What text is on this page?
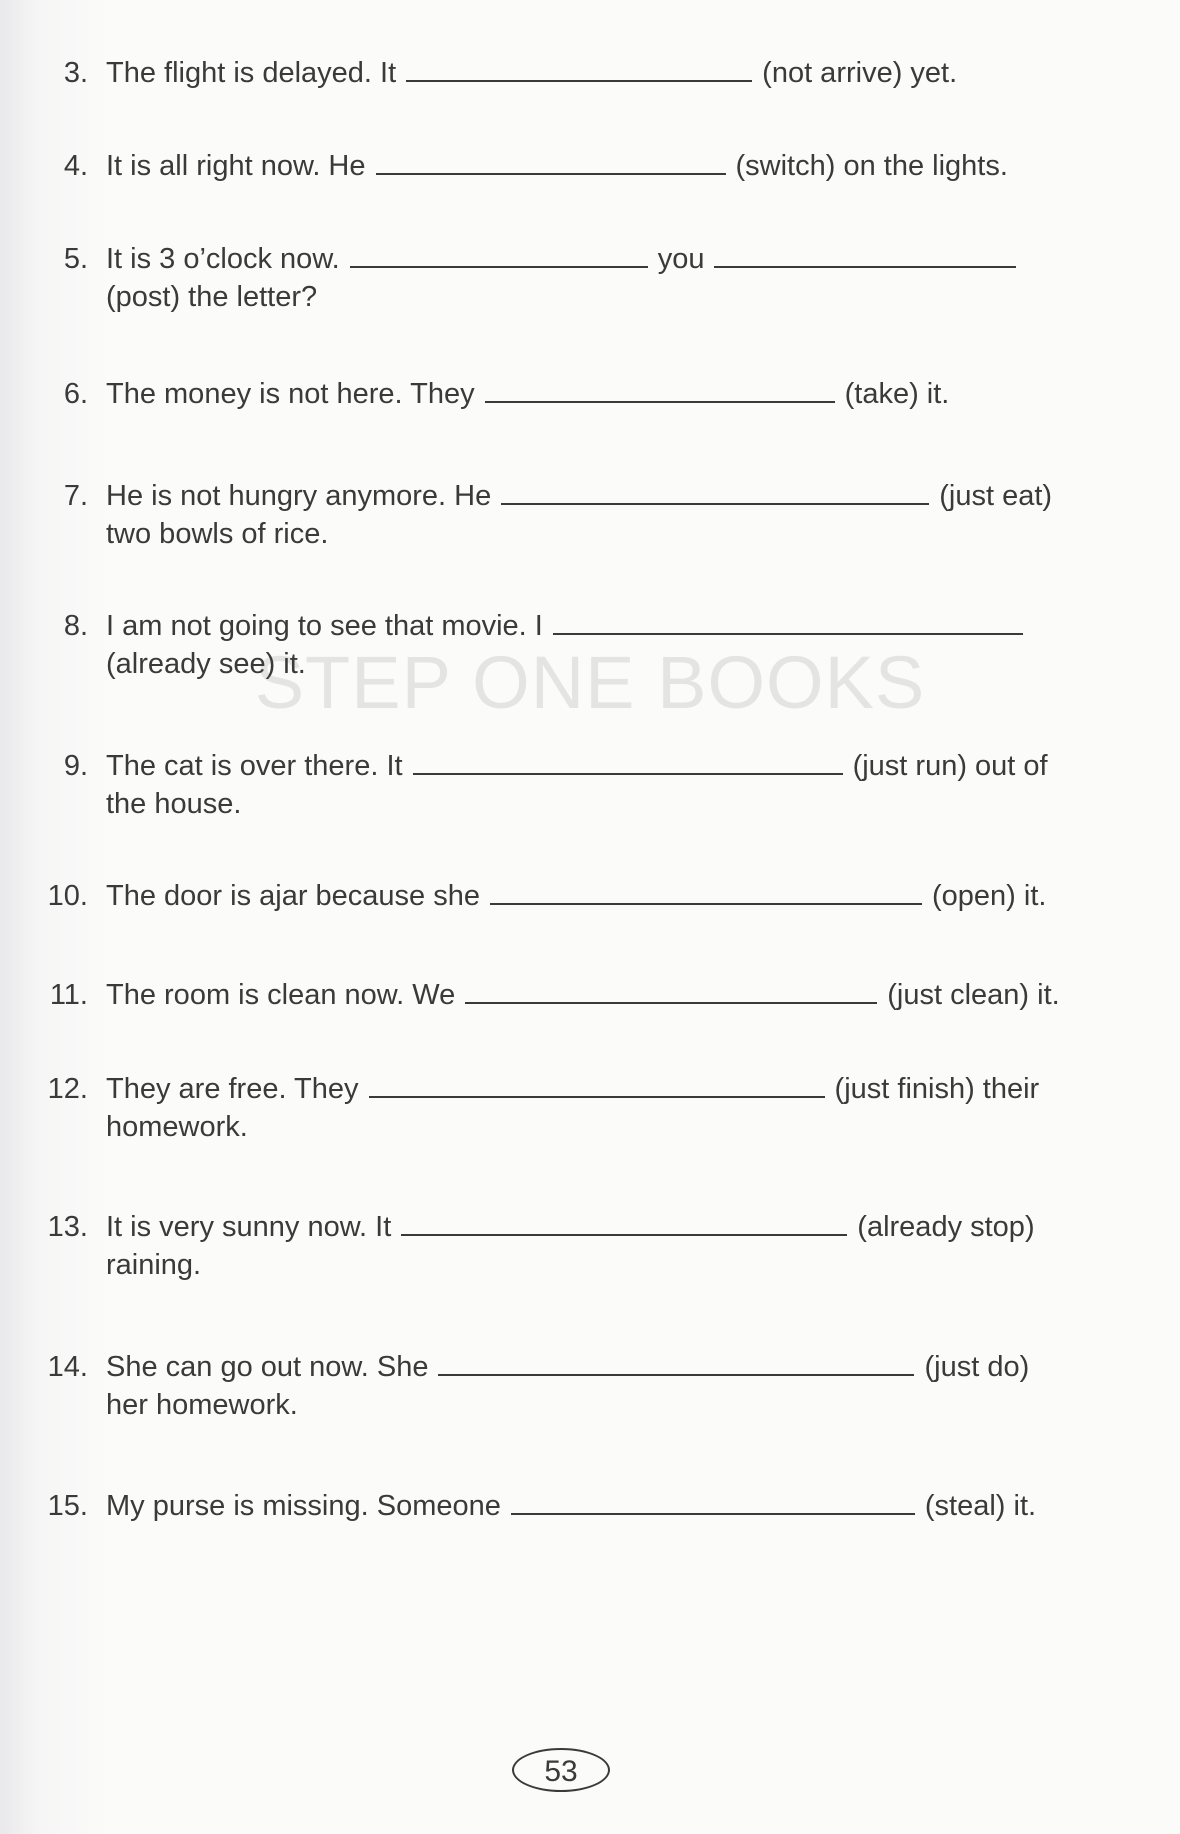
STEP ONE BOOKS
3. The flight is delayed. It	(not arrive) yet.
4. It is all right now. He	(switch) on the lights.
5. It is 3 o’clock now.	you
(post) the letter?
6. The money is not here. They	(take) it.
7. He is not hungry anymore. He	(just eat)
two bowls of rice.
8. I am not going to see that movie. I
(already see) it.
9. The cat is over there. It	(just run) out of
the house.
10. The door is ajar because she	(open) it.
11. The room is clean now. We	(just clean) it.
12. They are free. They	(just finish) their
homework.
13. It is very sunny now. It	(already stop)
raining.
14. She can go out now. She	(just do)
her homework.
15. My purse is missing. Someone	(steal) it.
53
